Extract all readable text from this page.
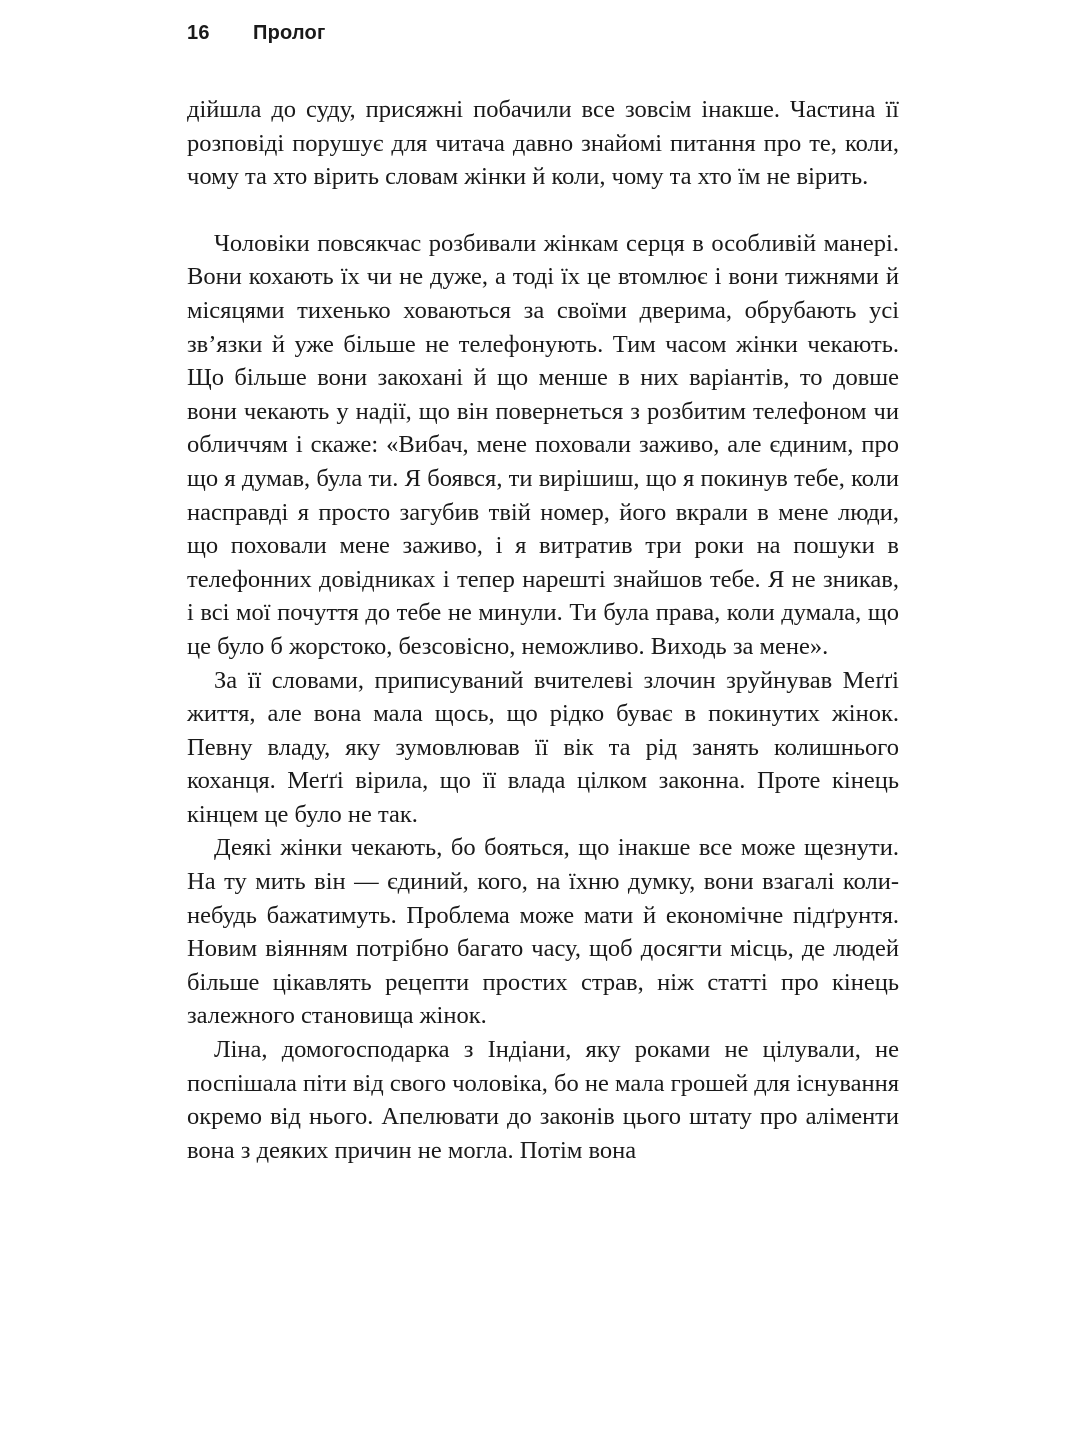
16	Пролог

дійшла до суду, присяжні побачили все зовсім інакше. Частина її розповіді порушує для читача давно знайомі питання про те, коли, чому та хто вірить словам жінки й коли, чому та хто їм не вірить.

Чоловіки повсякчас розбивали жінкам серця в особливій манері. Вони кохають їх чи не дуже, а тоді їх це втомлює і вони тижнями й місяцями тихенько ховаються за своїми дверима, обрубають усі зв’язки й уже більше не телефонують. Тим часом жінки чекають. Що більше вони закохані й що менше в них варіантів, то довше вони чекають у надії, що він повернеться з розбитим телефоном чи обличчям і скаже: «Вибач, мене поховали заживо, але єдиним, про що я думав, була ти. Я боявся, ти вирішиш, що я покинув тебе, коли насправді я просто загубив твій номер, його вкрали в мене люди, що поховали мене заживо, і я витратив три роки на пошуки в телефонних довідниках і тепер нарешті знайшов тебе. Я не зникав, і всі мої почуття до тебе не минули. Ти була права, коли думала, що це було б жорстоко, безсовісно, неможливо. Виходь за мене».

За її словами, приписуваний вчителеві злочин зруйнував Меґґі життя, але вона мала щось, що рідко буває в покинутих жінок. Певну владу, яку зумовлював її вік та рід занять колишнього коханця. Меґґі вірила, що її влада цілком законна. Проте кінець кінцем це було не так.

Деякі жінки чекають, бо бояться, що інакше все може щезнути. На ту мить він — єдиний, кого, на їхню думку, вони взагалі коли-небудь бажатимуть. Проблема може мати й економічне підґрунтя. Новим віянням потрібно багато часу, щоб досягти місць, де людей більше цікавлять рецепти простих страв, ніж статті про кінець залежного становища жінок.

Ліна, домогосподарка з Індіани, яку роками не цілували, не поспішала піти від свого чоловіка, бо не мала грошей для існування окремо від нього. Апелювати до законів цього штату про аліменти вона з деяких причин не могла. Потім вона
